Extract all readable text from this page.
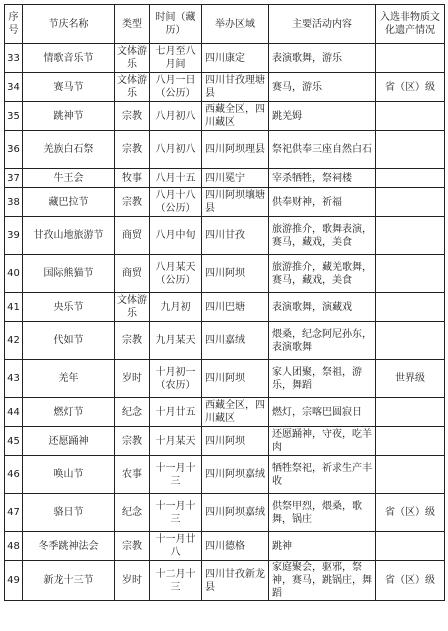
序号	节庆名称	类型	时间（藏历）	举办区域	主要活动内容	入选非物质文化遗产情况
33	情歌音乐节	文体游乐	七月至八月间	四川康定	表演歌舞，游乐	
34	赛马节	文体游乐	八月一日（公历）	四川甘孜理塘县	赛马，游乐	省（区）级
35	跳神节	宗教	八月初八	西藏全区，四川藏区	跳羌姆	
36	羌族白石祭	宗教	八月初八	四川阿坝理县	祭祀供奉三座自然白石	
37	牛王会	牧事	八月十五	四川冕宁	宰杀牺牲，祭祠楼	
38	藏巴拉节	宗教	八月十八（公历）	四川阿坝壤塘县	供奉财神，祈福	
39	甘孜山地旅游节	商贸	八月中旬	四川甘孜	旅游推介，歌舞表演，赛马，藏戏，美食	
40	国际熊猫节	商贸	八月某天（公历）	四川阿坝	旅游推介，藏羌歌舞，赛马，藏戏，美食	
41	央乐节	文体游乐	九月初	四川巴塘	表演歌舞，演藏戏	
42	代如节	宗教	九月某天	四川嘉绒	煨桑，纪念阿尼孙东，表演歌舞	
43	羌年	岁时	十月初一（农历）	四川阿坝	家人团聚，祭祖，游乐，舞蹈	世界级
44	燃灯节	纪念	十月廿五	西藏全区，四川藏区	燃灯，宗喀巴圆寂日	
45	还愿踊神	宗教	十月某天	四川阿坝	还愿踊神，守夜，吃羊肉	
46	唤山节	农事	十一月十三	四川阿坝嘉绒	牺牲祭祀，祈求生产丰收	
47	骆日节	纪念	十一月十三	四川阿坝嘉绒	供祭甲烈，煨桑，歌舞，锅庄	省（区）级
48	冬季跳神法会	宗教	十一月廿八	四川德格	跳神	
49	新龙十三节	岁时	十二月十三	四川甘孜新龙县	家庭聚会，驱邪，祭神，赛马，跳锅庄，舞蹈	省（区）级
